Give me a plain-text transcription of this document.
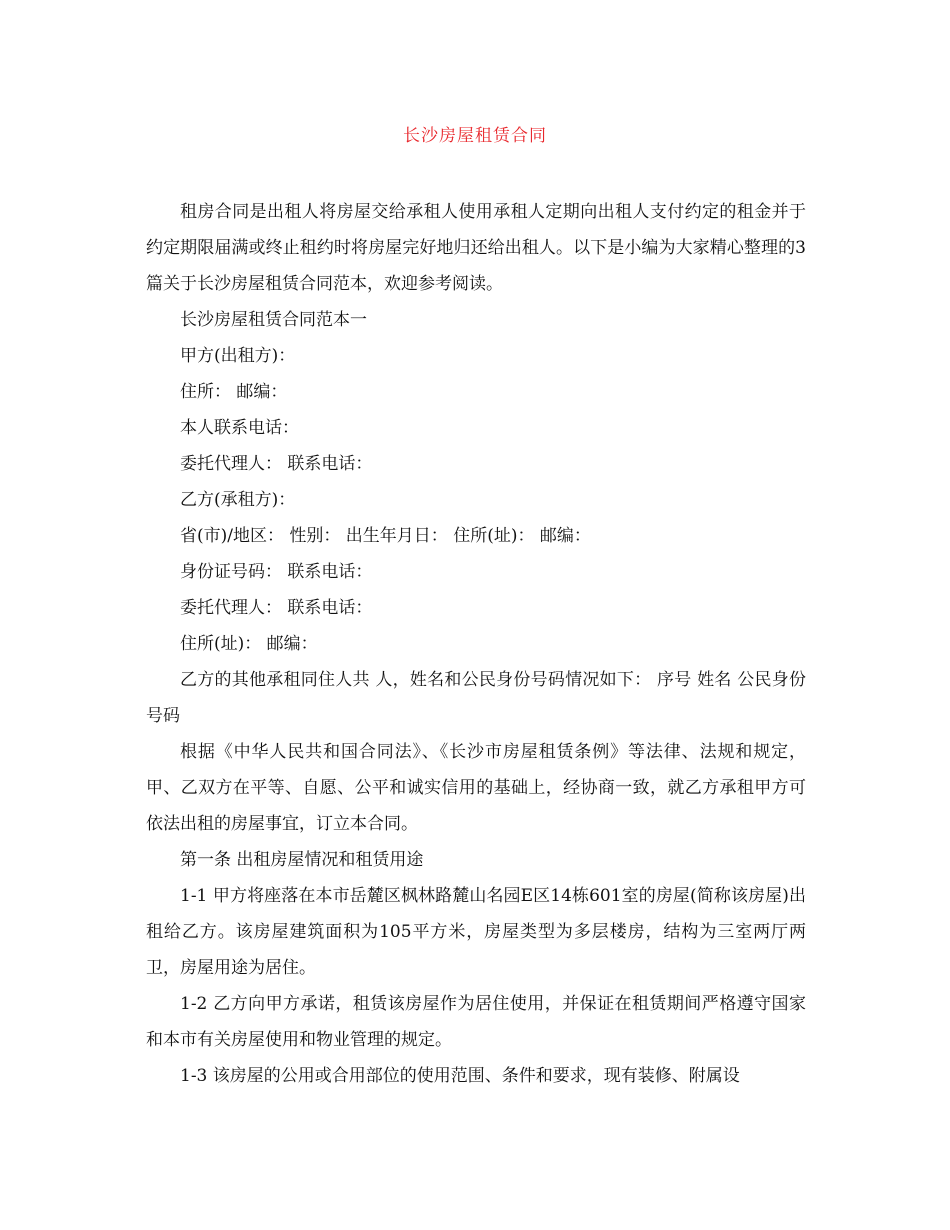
长沙房屋租赁合同

租房合同是出租人将房屋交给承租人使用承租人定期向出租人支付约定的租金并于约定期限届满或终止租约时将房屋完好地归还给出租人。以下是小编为大家精心整理的3篇关于长沙房屋租赁合同范本，欢迎参考阅读。

长沙房屋租赁合同范本一

甲方(出租方)：

住所： 邮编：

本人联系电话：

委托代理人： 联系电话：

乙方(承租方)：

省(市)/地区： 性别： 出生年月日： 住所(址)： 邮编：

身份证号码： 联系电话：

委托代理人： 联系电话：

住所(址)： 邮编：

乙方的其他承租同住人共 人，姓名和公民身份号码情况如下： 序号 姓名 公民身份号码

根据《中华人民共和国合同法》、《长沙市房屋租赁条例》等法律、法规和规定，甲、乙双方在平等、自愿、公平和诚实信用的基础上，经协商一致，就乙方承租甲方可依法出租的房屋事宜，订立本合同。

第一条 出租房屋情况和租赁用途

1-1 甲方将座落在本市岳麓区枫林路麓山名园E区14栋601室的房屋(简称该房屋)出租给乙方。该房屋建筑面积为105平方米，房屋类型为多层楼房，结构为三室两厅两卫，房屋用途为居住。

1-2 乙方向甲方承诺，租赁该房屋作为居住使用，并保证在租赁期间严格遵守国家和本市有关房屋使用和物业管理的规定。

1-3 该房屋的公用或合用部位的使用范围、条件和要求，现有装修、附属设
